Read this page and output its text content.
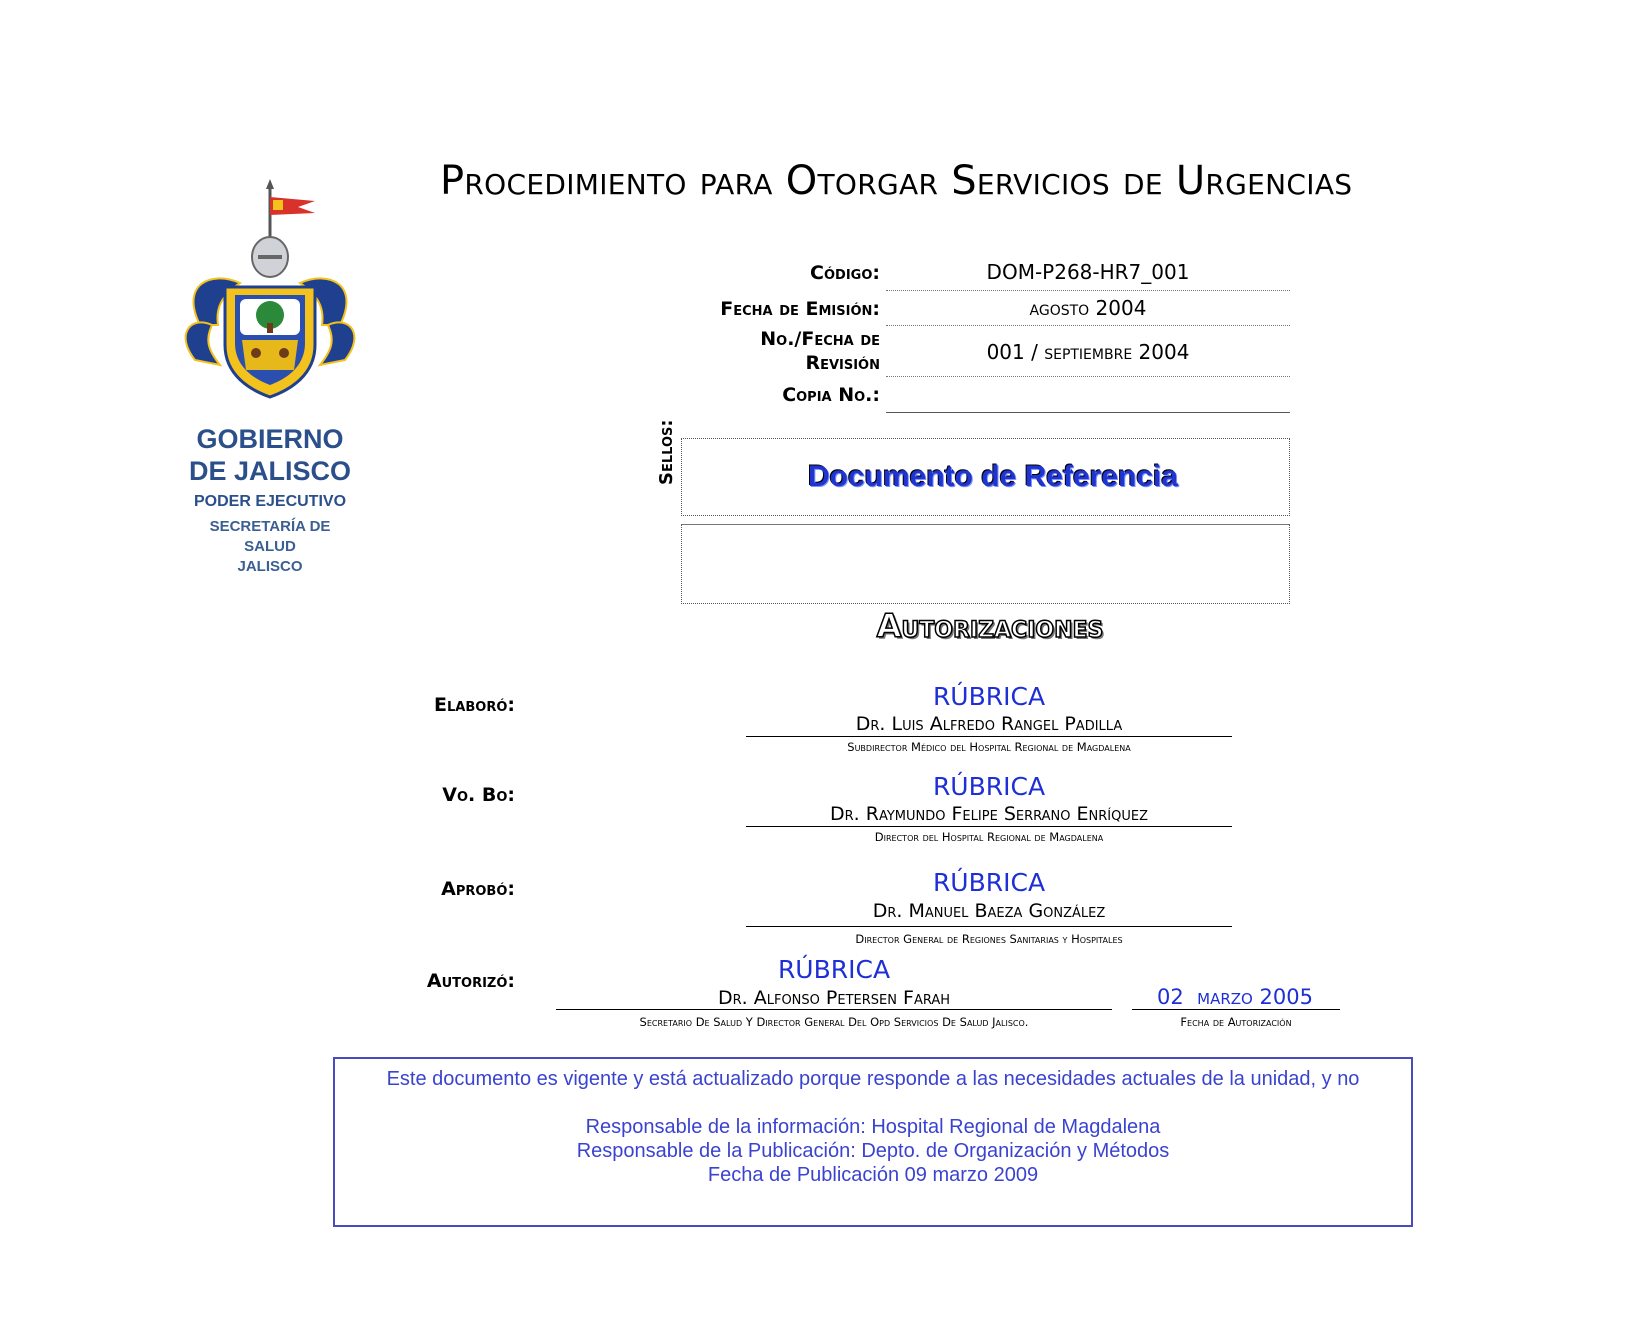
Procedimiento para Otorgar Servicios de Urgencias
GOBIERNO
DE JALISCO
PODER EJECUTIVO
SECRETARÍA DE
SALUD
JALISCO
Código:	DOM-P268-HR7_001
Fecha de Emisión:	agosto 2004
No./Fecha de
Revisión	001 / septiembre 2004
Copia No.:
Sellos:	Documento de Referencia
Autorizaciones
Elaboró:	RÚBRICA
Dr. Luis Alfredo Rangel Padilla
Subdirector Médico del Hospital Regional de Magdalena
Vo. Bo:	RÚBRICA
Dr. Raymundo Felipe Serrano Enríquez
Director del Hospital Regional de Magdalena
Aprobó:	RÚBRICA
Dr. Manuel Baeza González
Director General de Regiones Sanitarias y Hospitales
Autorizó:	RÚBRICA
Dr. Alfonso Petersen Farah
Secretario De Salud Y Director General Del Opd Servicios De Salud Jalisco.
02 marzo 2005
Fecha de Autorización

Este documento es vigente y está actualizado porque responde a las necesidades actuales de la unidad, y no

Responsable de la información: Hospital Regional de Magdalena

Responsable de la Publicación: Depto. de Organización y Métodos

Fecha de Publicación 09 marzo 2009
